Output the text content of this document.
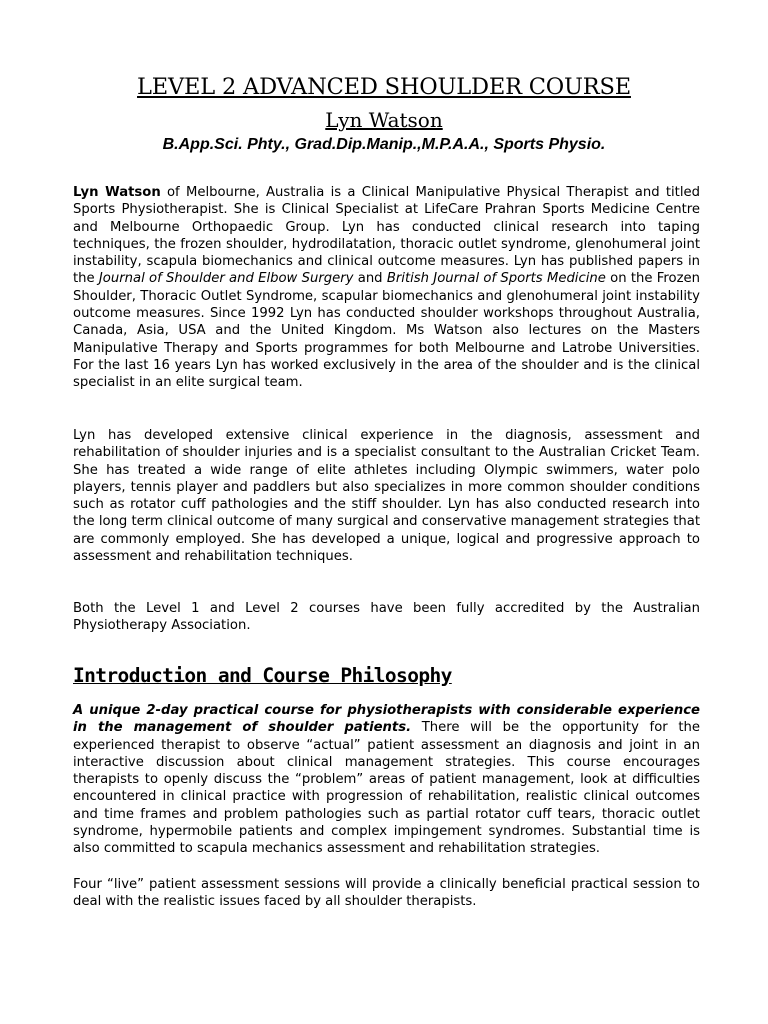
LEVEL 2 ADVANCED SHOULDER COURSE
Lyn Watson

B.App.Sci. Phty., Grad.Dip.Manip.,M.P.A.A., Sports Physio.

Lyn Watson of Melbourne, Australia is a Clinical Manipulative Physical Therapist and titled Sports Physiotherapist. She is Clinical Specialist at LifeCare Prahran Sports Medicine Centre and Melbourne Orthopaedic Group. Lyn has conducted clinical research into taping techniques, the frozen shoulder, hydrodilatation, thoracic outlet syndrome, glenohumeral joint instability, scapula biomechanics and clinical outcome measures. Lyn has published papers in the Journal of Shoulder and Elbow Surgery and British Journal of Sports Medicine on the Frozen Shoulder, Thoracic Outlet Syndrome, scapular biomechanics and glenohumeral joint instability outcome measures. Since 1992 Lyn has conducted shoulder workshops throughout Australia, Canada, Asia, USA and the United Kingdom. Ms Watson also lectures on the Masters Manipulative Therapy and Sports programmes for both Melbourne and Latrobe Universities. For the last 16 years Lyn has worked exclusively in the area of the shoulder and is the clinical specialist in an elite surgical team.

Lyn has developed extensive clinical experience in the diagnosis, assessment and rehabilitation of shoulder injuries and is a specialist consultant to the Australian Cricket Team. She has treated a wide range of elite athletes including Olympic swimmers, water polo players, tennis player and paddlers but also specializes in more common shoulder conditions such as rotator cuff pathologies and the stiff shoulder. Lyn has also conducted research into the long term clinical outcome of many surgical and conservative management strategies that are commonly employed. She has developed a unique, logical and progressive approach to assessment and rehabilitation techniques.

Both the Level 1 and Level 2 courses have been fully accredited by the Australian Physiotherapy Association.

Introduction and Course Philosophy

A unique 2-day practical course for physiotherapists with considerable experience in the management of shoulder patients. There will be the opportunity for the experienced therapist to observe “actual” patient assessment an diagnosis and joint in an interactive discussion about clinical management strategies. This course encourages therapists to openly discuss the “problem” areas of patient management, look at difficulties encountered in clinical practice with progression of rehabilitation, realistic clinical outcomes and time frames and problem pathologies such as partial rotator cuff tears, thoracic outlet syndrome, hypermobile patients and complex impingement syndromes. Substantial time is also committed to scapula mechanics assessment and rehabilitation strategies.

Four “live” patient assessment sessions will provide a clinically beneficial practical session to deal with the realistic issues faced by all shoulder therapists.
